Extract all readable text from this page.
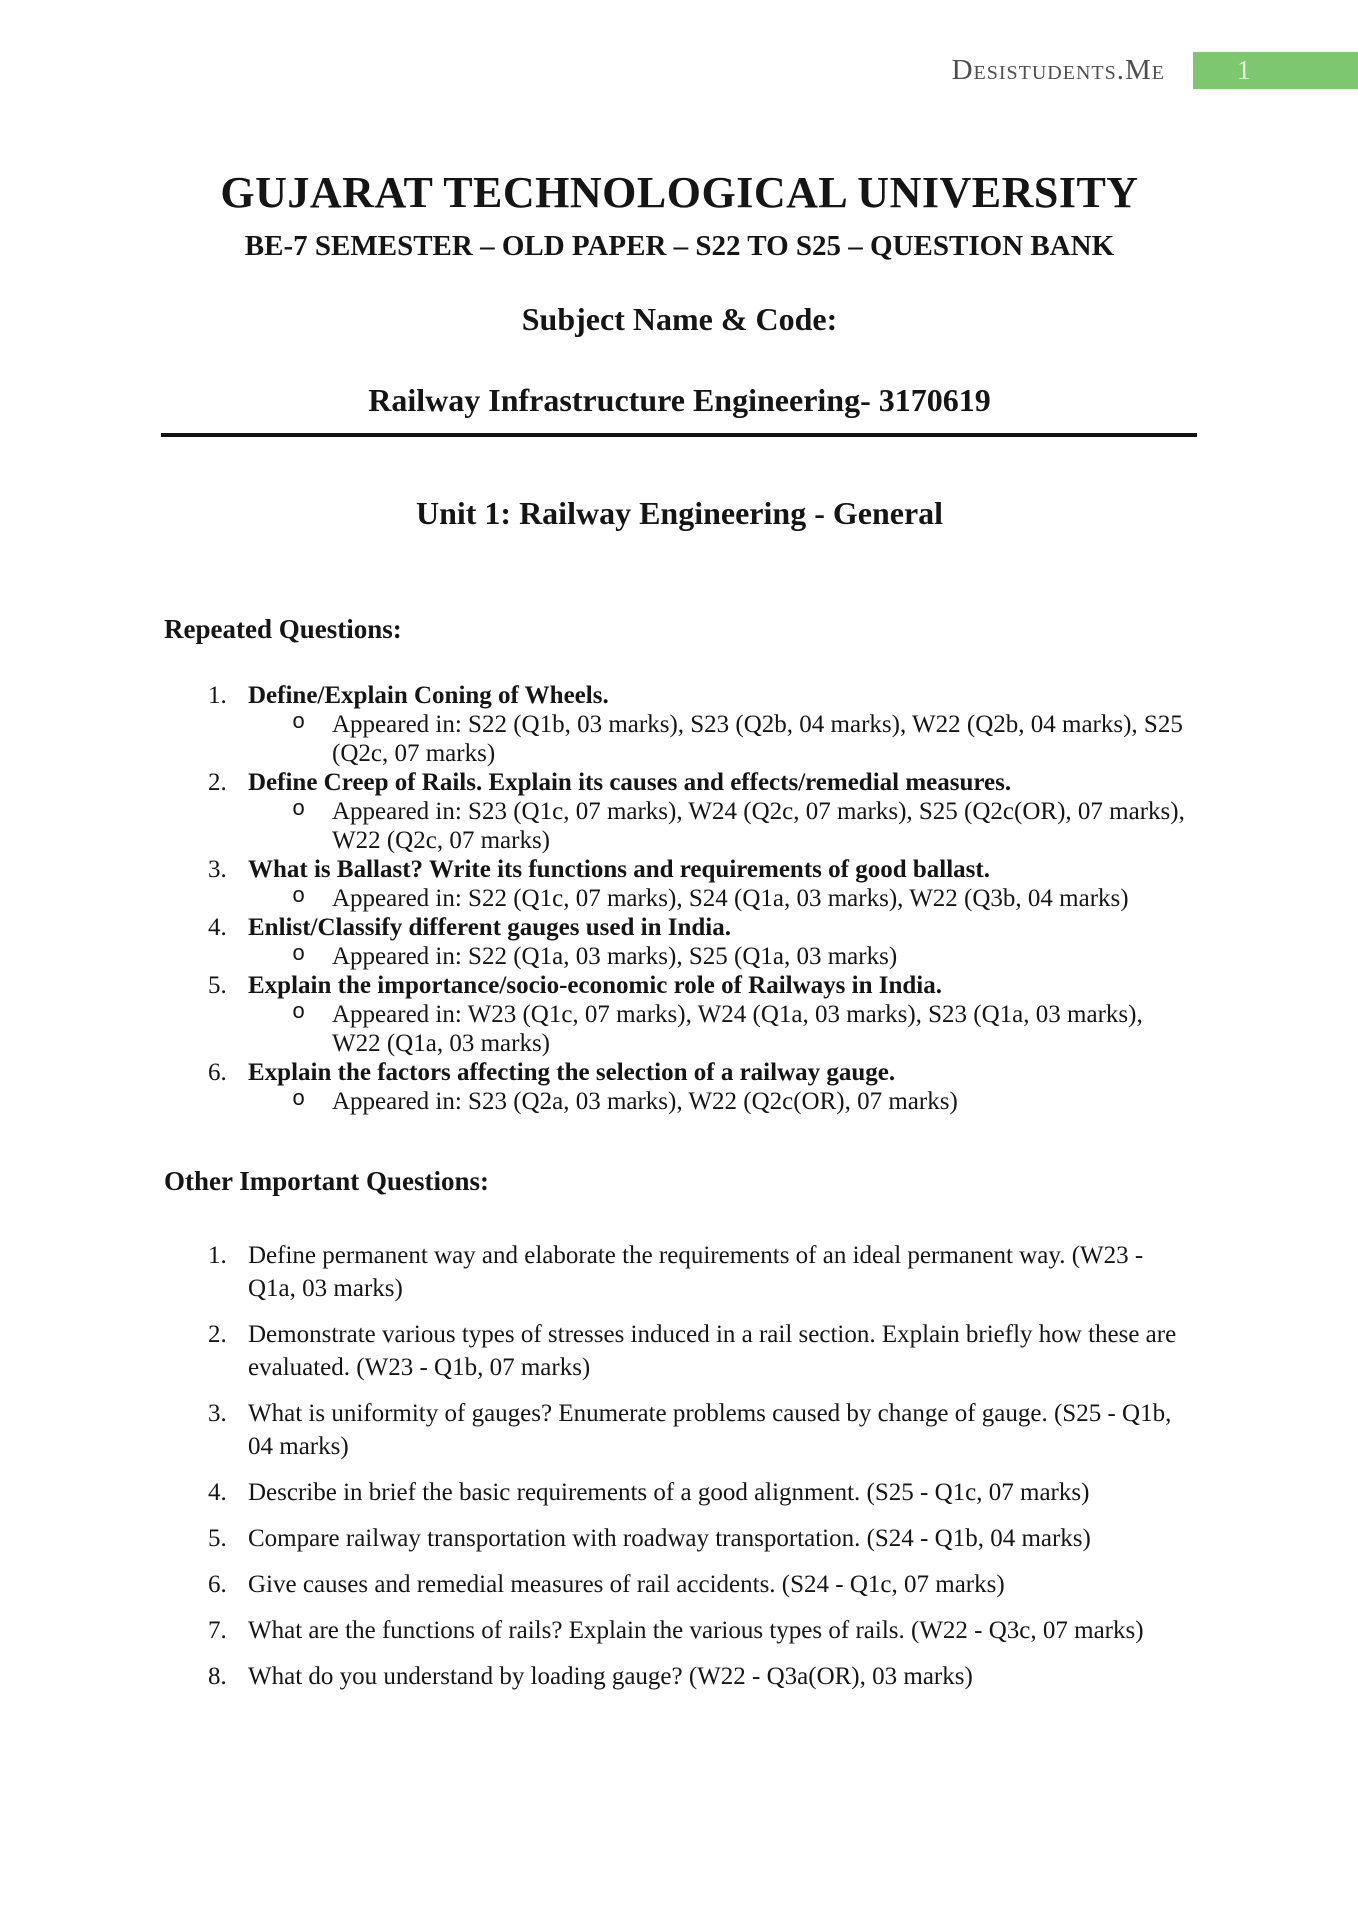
Desistudents.Me	1
GUJARAT TECHNOLOGICAL UNIVERSITY
BE-7 SEMESTER – OLD PAPER – S22 TO S25 – QUESTION BANK
Subject Name & Code:
Railway Infrastructure Engineering- 3170619
Unit 1: Railway Engineering - General
Repeated Questions:
1. Define/Explain Coning of Wheels.
o	Appeared in: S22 (Q1b, 03 marks), S23 (Q2b, 04 marks), W22 (Q2b, 04 marks), S25 (Q2c, 07 marks)
2. Define Creep of Rails. Explain its causes and effects/remedial measures.
o	Appeared in: S23 (Q1c, 07 marks), W24 (Q2c, 07 marks), S25 (Q2c(OR), 07 marks), W22 (Q2c, 07 marks)
3. What is Ballast? Write its functions and requirements of good ballast.
o	Appeared in: S22 (Q1c, 07 marks), S24 (Q1a, 03 marks), W22 (Q3b, 04 marks)
4. Enlist/Classify different gauges used in India.
o	Appeared in: S22 (Q1a, 03 marks), S25 (Q1a, 03 marks)
5. Explain the importance/socio-economic role of Railways in India.
o	Appeared in: W23 (Q1c, 07 marks), W24 (Q1a, 03 marks), S23 (Q1a, 03 marks), W22 (Q1a, 03 marks)
6. Explain the factors affecting the selection of a railway gauge.
o	Appeared in: S23 (Q2a, 03 marks), W22 (Q2c(OR), 07 marks)
Other Important Questions:
1. Define permanent way and elaborate the requirements of an ideal permanent way. (W23 - Q1a, 03 marks)
2. Demonstrate various types of stresses induced in a rail section. Explain briefly how these are evaluated. (W23 - Q1b, 07 marks)
3. What is uniformity of gauges? Enumerate problems caused by change of gauge. (S25 - Q1b, 04 marks)
4. Describe in brief the basic requirements of a good alignment. (S25 - Q1c, 07 marks)
5. Compare railway transportation with roadway transportation. (S24 - Q1b, 04 marks)
6. Give causes and remedial measures of rail accidents. (S24 - Q1c, 07 marks)
7. What are the functions of rails? Explain the various types of rails. (W22 - Q3c, 07 marks)
8. What do you understand by loading gauge? (W22 - Q3a(OR), 03 marks)
